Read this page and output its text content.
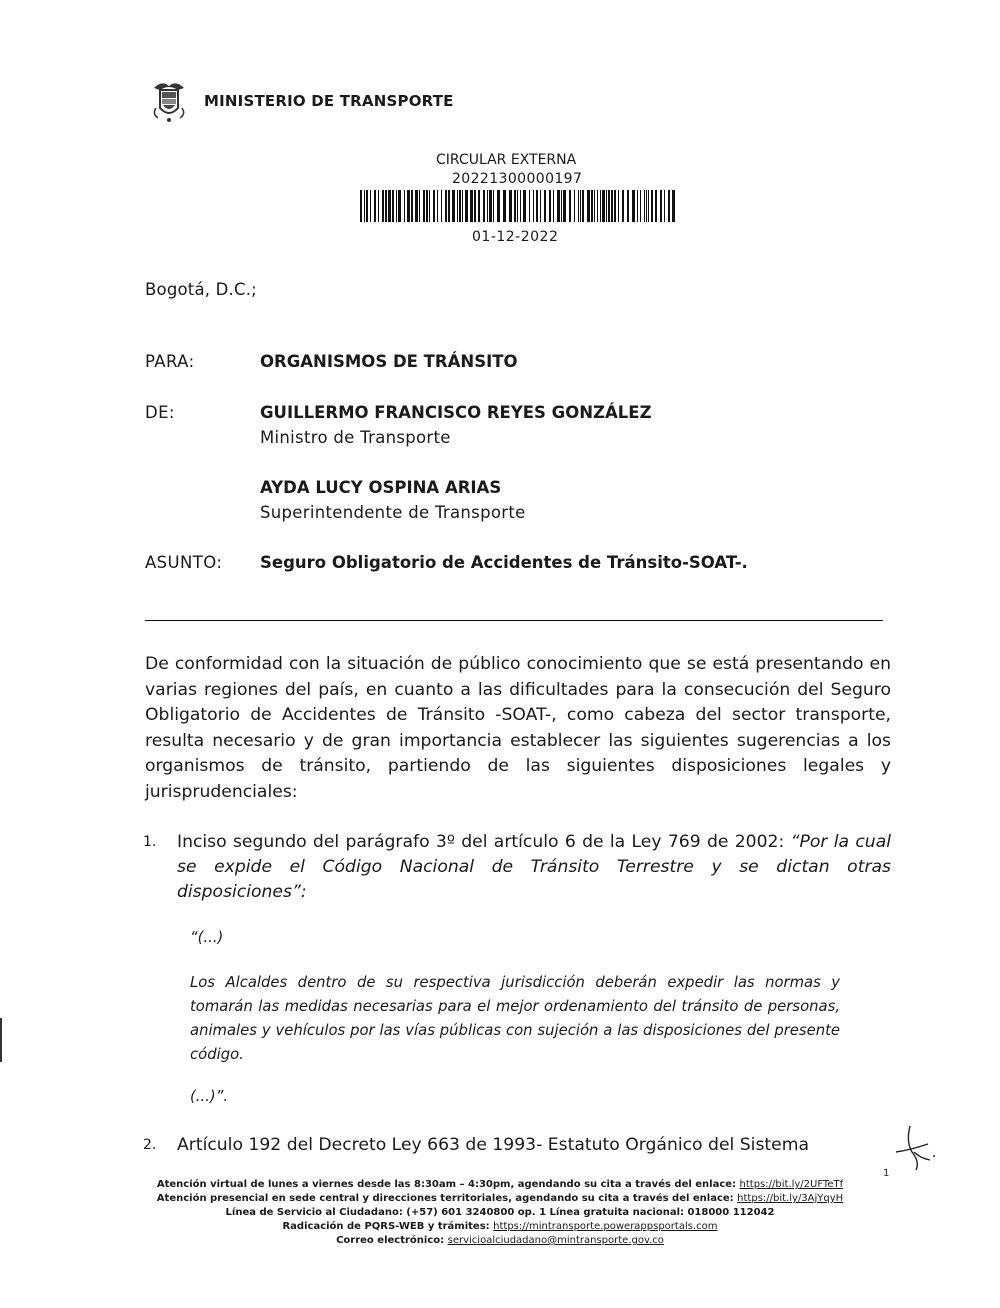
MINISTERIO DE TRANSPORTE
CIRCULAR EXTERNA
20221300000197
01-12-2022
Bogotá, D.C.;
PARA:	ORGANISMOS DE TRÁNSITO
DE:	GUILLERMO FRANCISCO REYES GONZÁLEZ
Ministro de Transporte
AYDA LUCY OSPINA ARIAS
Superintendente de Transporte
ASUNTO: Seguro Obligatorio de Accidentes de Tránsito-SOAT-.
De conformidad con la situación de público conocimiento que se está presentando en varias regiones del país, en cuanto a las dificultades para la consecución del Seguro Obligatorio de Accidentes de Tránsito -SOAT-, como cabeza del sector transporte, resulta necesario y de gran importancia establecer las siguientes sugerencias a los organismos de tránsito, partiendo de las siguientes disposiciones legales y jurisprudenciales:
1. Inciso segundo del parágrafo 3º del artículo 6 de la Ley 769 de 2002: “Por la cual se expide el Código Nacional de Tránsito Terrestre y se dictan otras disposiciones”:
“(...)
Los Alcaldes dentro de su respectiva jurisdicción deberán expedir las normas y tomarán las medidas necesarias para el mejor ordenamiento del tránsito de personas, animales y vehículos por las vías públicas con sujeción a las disposiciones del presente código.
(...)”.
2. Artículo 192 del Decreto Ley 663 de 1993- Estatuto Orgánico del Sistema
1
Atención virtual de lunes a viernes desde las 8:30am – 4:30pm, agendando su cita a través del enlace: https://bit.ly/2UFTeTf
Atención presencial en sede central y direcciones territoriales, agendando su cita a través del enlace: https://bit.ly/3AjYqyH
Línea de Servicio al Ciudadano: (+57) 601 3240800 op. 1 Línea gratuita nacional: 018000 112042
Radicación de PQRS-WEB y trámites: https://mintransporte.powerappsportals.com
Correo electrónico: servicioalciudadano@mintransporte.gov.co
